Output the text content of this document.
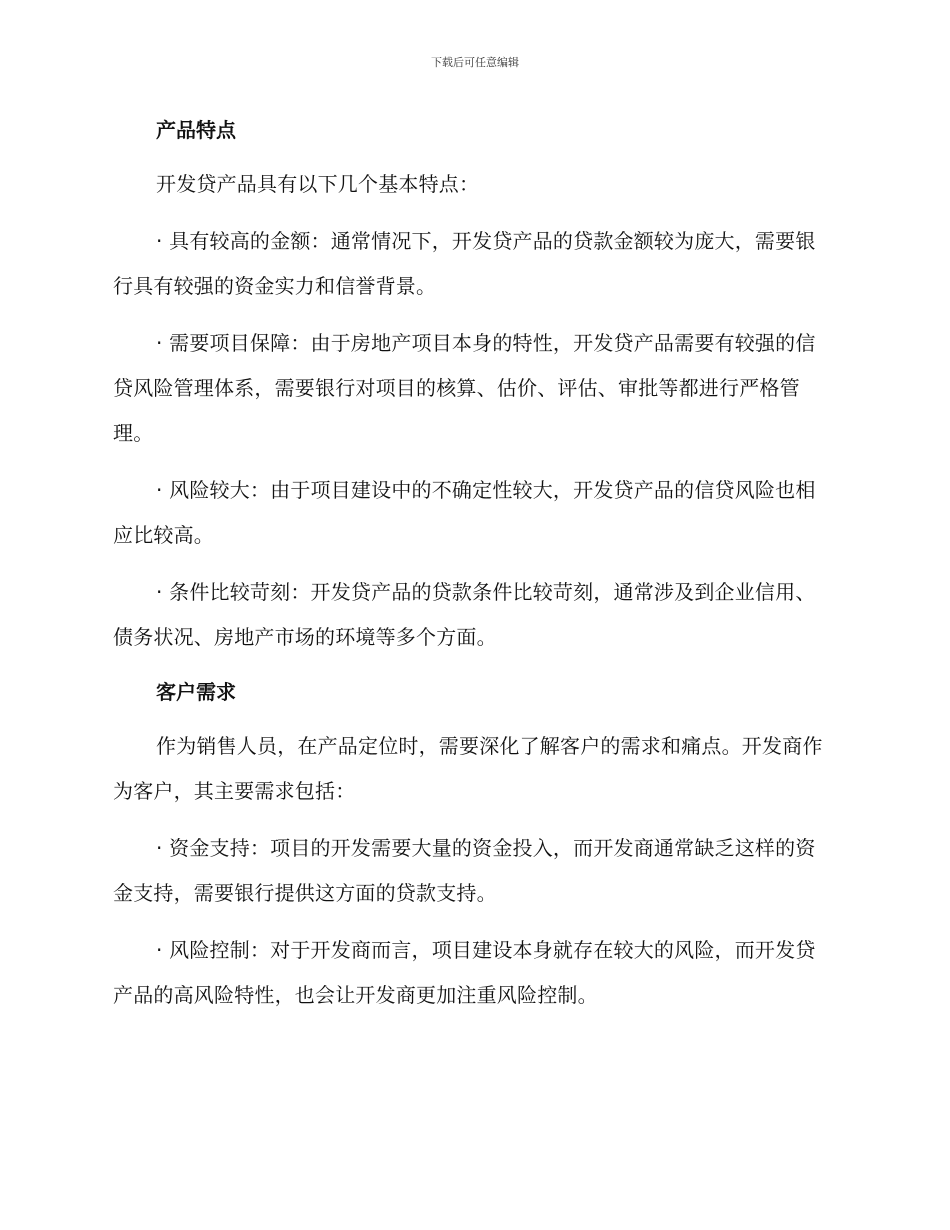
下载后可任意编辑
产品特点

开发贷产品具有以下几个基本特点：

· 具有较高的金额：通常情况下，开发贷产品的贷款金额较为庞大，需要银行具有较强的资金实力和信誉背景。

· 需要项目保障：由于房地产项目本身的特性，开发贷产品需要有较强的信贷风险管理体系，需要银行对项目的核算、估价、评估、审批等都进行严格管理。

· 风险较大：由于项目建设中的不确定性较大，开发贷产品的信贷风险也相应比较高。

· 条件比较苛刻：开发贷产品的贷款条件比较苛刻，通常涉及到企业信用、债务状况、房地产市场的环境等多个方面。

客户需求

作为销售人员，在产品定位时，需要深化了解客户的需求和痛点。开发商作为客户，其主要需求包括：

· 资金支持：项目的开发需要大量的资金投入，而开发商通常缺乏这样的资金支持，需要银行提供这方面的贷款支持。

· 风险控制：对于开发商而言，项目建设本身就存在较大的风险，而开发贷产品的高风险特性，也会让开发商更加注重风险控制。
